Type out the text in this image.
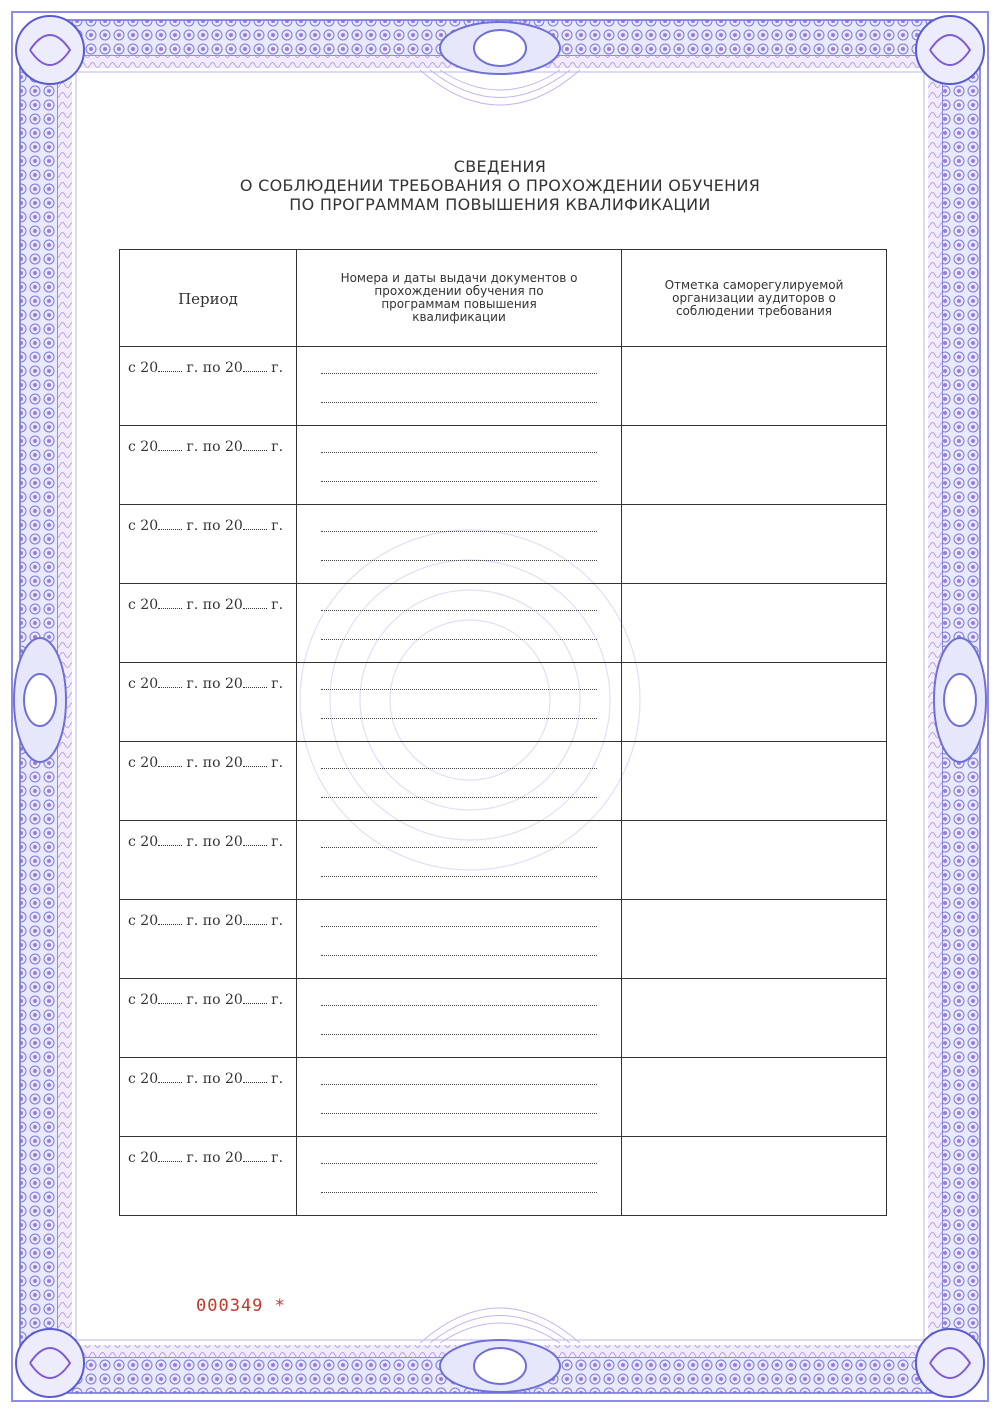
СВЕДЕНИЯ
О СОБЛЮДЕНИИ ТРЕБОВАНИЯ О ПРОХОЖДЕНИИ ОБУЧЕНИЯ
ПО ПРОГРАММАМ ПОВЫШЕНИЯ КВАЛИФИКАЦИИ
Период	Номера и даты выдачи документов о прохождении обучения по программам повышения квалификации	Отметка саморегулируемой организации аудиторов о соблюдении требования

с 20 г. по 20 г.		

с 20 г. по 20 г.		

с 20 г. по 20 г.		

с 20 г. по 20 г.		

с 20 г. по 20 г.		

с 20 г. по 20 г.		

с 20 г. по 20 г.		

с 20 г. по 20 г.		

с 20 г. по 20 г.		

с 20 г. по 20 г.		

с 20 г. по 20 г.		

000349 *
